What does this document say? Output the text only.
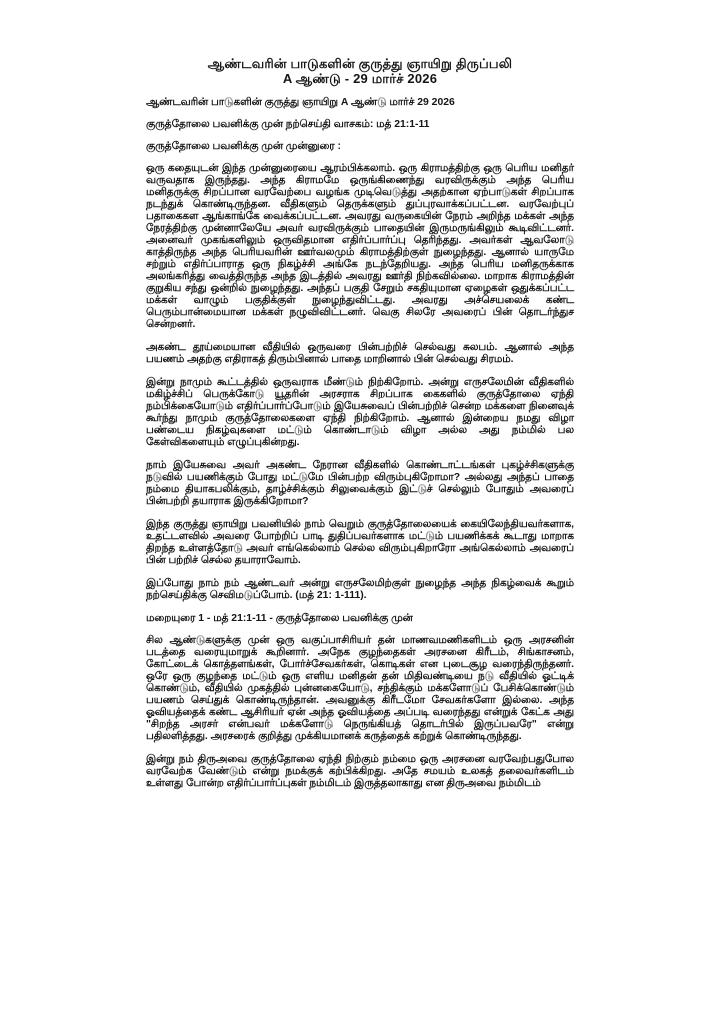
ஆண்டவரின் பாடுகளின் குருத்து ஞாயிறு திருப்பலி
A ஆண்டு - 29 மார்ச் 2026

ஆண்டவரின் பாடுகளின் குருத்து ஞாயிறு A ஆண்டு மார்ச் 29 2026

குருத்தோலை பவனிக்கு முன் நற்செய்தி வாசகம்: மத் 21:1-11

குருத்தோலை பவனிக்கு முன் முன்னுரை :

ஒரு கதையுடன் இந்த முன்னுரையை ஆரம்பிக்கலாம். ஒரு கிராமத்திற்கு ஒரு பெரிய மனிதர் வருவதாக இருந்தது. அந்த கிராமமே ஒருங்கிணைந்து வரவிருக்கும் அந்த பெரிய மனிதருக்கு சிறப்பான வரவேற்பை வழங்க முடிவெடுத்து அதற்கான ஏற்பாடுகள் சிறப்பாக நடந்துக் கொண்டிருந்தன. வீதிகளும் தெருக்களும் துப்புரவாக்கப்பட்டன. வரவேற்புப் பதாகைகள ஆங்காங்கே வைக்கப்பட்டன. அவரது வருகையின் நேரம் அறிந்த மக்கள் அந்த நேரத்திற்கு முன்னாலேயே அவர் வரவிருக்கும் பாதையின் இருமருங்கிலும் கூடிவிட்டனர். அனைவர் முகங்களிலும் ஒருவிதமான எதிர்ப்பார்ப்பு தெரிந்தது. அவர்கள் ஆவலோடு காத்திருந்த அந்த பெரியவரின் ஊர்வலமும் கிராமத்திற்குள் நுழைந்தது. ஆனால் யாருமே சற்றும் எதிர்ப்பாராத ஒரு நிகழ்ச்சி அங்கே நடந்தேறியது. அந்த பெரிய மனிதருக்காக அலங்கரித்து வைத்திருந்த அந்த இடத்தில் அவரது ஊர்தி நிற்கவில்லை. மாறாக கிராமத்தின் குறுகிய சந்து ஒன்றில் நுழைந்தது. அந்தப் பகுதி சேறும் சகதியுமான ஏழைகள் ஒதுக்கப்பட்ட மக்கள் வாழும் பகுதிக்குள் நுழைந்துவிட்டது. அவரது அச்செயலைக் கண்ட பெரும்பான்மையான மக்கள் நழுவிவிட்டனர். வெகு சிலரே அவரைப் பின் தொடர்ந்துச சென்றனர்.

அகண்ட தூய்மையான வீதியில் ஒருவரை பின்பற்றிச் செல்வது சுலபம். ஆனால் அந்த பயணம் அதற்கு எதிராகத் திரும்பினால் பாதை மாறினால் பின் செல்வது சிரமம்.

இன்று நாமும் கூட்டத்தில் ஒருவராக மீண்டும் நிற்கிறோம். அன்று எருசலேமின் வீதிகளில் மகிழ்ச்சிப் பெருக்கோடு யூதரின் அரசராக சிறப்பாக கைகளில் குருத்தோலை ஏந்தி நம்பிக்கையோடும் எதிர்ப்பார்ப்போடும் இயேசுவைப் பின்பற்றிச் சென்ற மக்களை நினைவுக் கூர்ந்து நாமும் குருத்தோலைகளை ஏந்தி நிற்கிறோம். ஆனால் இன்றைய நமது விழா பண்டைய நிகழ்வுகளை மட்டும் கொண்டாடும் விழா அல்ல அது நம்மில் பல கேள்விகளையும் எழுப்புகின்றது.

நாம் இயேசுவை அவர் அகண்ட நேரான வீதிகளில் கொண்டாட்டங்கள் புகழ்ச்சிகளுக்கு நடுவில் பயணிக்கும் போது மட்டுமே பின்பற்ற விரும்புகிறோமா? அல்லது அந்தப் பாதை நம்மை தியாகபலிக்கும், தாழ்ச்சிக்கும் சிலுவைக்கும் இட்டுச் செல்லும் போதும் அவரைப் பின்பற்றி தயாராக இருக்கிறோமா?

இந்த குருத்து ஞாயிறு பவனியில் நாம் வெறும் குருத்தோலையைக் கையிலேந்தியவர்களாக, உதட்டளவில் அவரை போற்றிப் பாடி துதிப்பவர்களாக மட்டும் பயணிக்கக் கூடாது மாறாக திறந்த உள்ளத்தோடு அவர் எங்கெல்லாம் செல்ல விரும்புகிறாரோ அங்கெல்லாம் அவரைப் பின் பற்றிச் செல்ல தயாராவோம்.

இப்போது நாம் நம் ஆண்டவர் அன்று எருசலேமிற்குள் நுழைந்த அந்த நிகழ்வைக் கூறும் நற்செய்திக்கு செவிமடுப்போம். (மத் 21: 1-111).

மறையுரை 1 - மத் 21:1-11 - குருத்தோலை பவனிக்கு முன்

சில ஆண்டுகளுக்கு முன் ஒரு வகுப்பாசிரியர் தன் மாணவமணிகளிடம் ஒரு அரசனின் படத்தை வரையுமாறுக் கூறினார். அநேக குழந்தைகள் அரசனை கிரீடம், சிங்காசனம், கோட்டைக் கொத்தளங்கள், போர்ச்சேவகர்கள், கொடிகள் என புடைசூழ வரைந்திருந்தனர். ஒரே ஒரு குழந்தை மட்டும் ஒரு எளிய மனிதன் தன் மிதிவண்டியை நடு வீதியில் ஓட்டிக் கொண்டும், வீதியில் முகத்தில் புன்னகையோடு, சந்திக்கும் மக்களோடுப் பேசிக்கொண்டும் பயணம் செய்துக் கொண்டிருந்தான். அவனுக்கு கிரீடமோ சேவகர்களோ இல்லை. அந்த ஓவியத்தைக் கண்ட ஆசிரியர் ஏன் அந்த ஓவியத்தை அப்படி வரைந்தது என்றுக் கேட்க அது "சிறந்த அரசர் என்பவர் மக்களோடு நெருங்கியத் தொடர்பில் இருப்பவரே" என்று பதிலளித்தது. அரசரைக் குறித்து முக்கியமானக் கருத்தைக் கற்றுக் கொண்டிருந்தது.

இன்று நம் திருஅவை குருத்தோலை ஏந்தி நிற்கும் நம்மை ஒரு அரசனை வரவேற்பதுபோல வரவேற்க வேண்டும் என்று நமக்குக் கற்பிக்கிறது. அதே சமயம் உலகத் தலைவர்களிடம் உள்ளது போன்ற எதிர்ப்பார்ப்புகள் நம்மிடம் இருத்தலாகாது என திருஅவை நம்மிடம்
